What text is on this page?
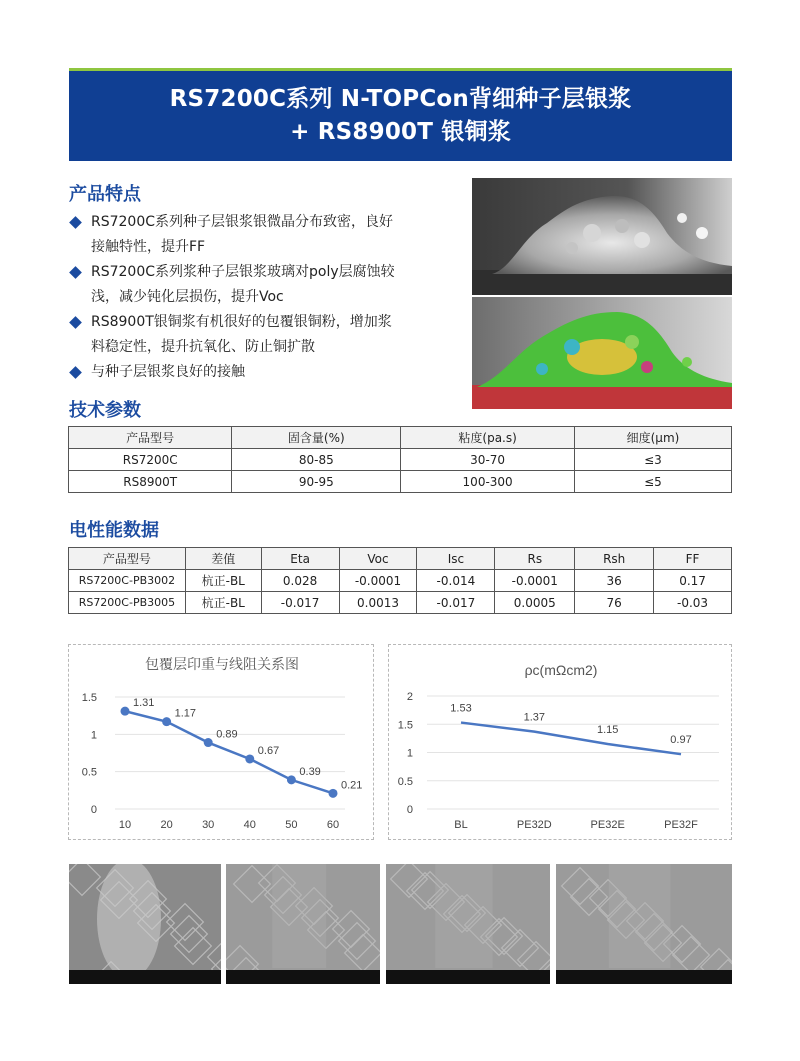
RS7200C系列 N-TOPCon背细种子层银浆
+ RS8900T 银铜浆
产品特点
RS7200C系列种子层银浆银微晶分布致密，良好
接触特性，提升FF
RS7200C系列浆种子层银浆玻璃对poly层腐蚀较
浅，减少钝化层损伤，提升Voc
RS8900T银铜浆有机很好的包覆银铜粉，增加浆
料稳定性，提升抗氧化、防止铜扩散
与种子层银浆良好的接触
技术参数
产品型号	固含量(%)	粘度(pa.s)	细度(μm)
RS7200C	80-85	30-70	≤3
RS8900T	90-95	100-300	≤5
电性能数据
产品型号	差值	Eta	Voc	Isc	Rs	Rsh	FF
RS7200C-PB3002	杭正-BL	0.028	-0.0001	-0.014	-0.0001	36	0.17
RS7200C-PB3005	杭正-BL	-0.017	0.0013	-0.017	0.0005	76	-0.03
包覆层印重与线阻关系图
0
0.5
1
1.5
10	20	30	40	50	60
1.31
1.17
0.89
0.67
0.39
0.21
ρc(mΩcm2)
0
0.5
1
1.5
2
BL	PE32D	PE32E	PE32F
1.53
1.37
1.15
0.97
